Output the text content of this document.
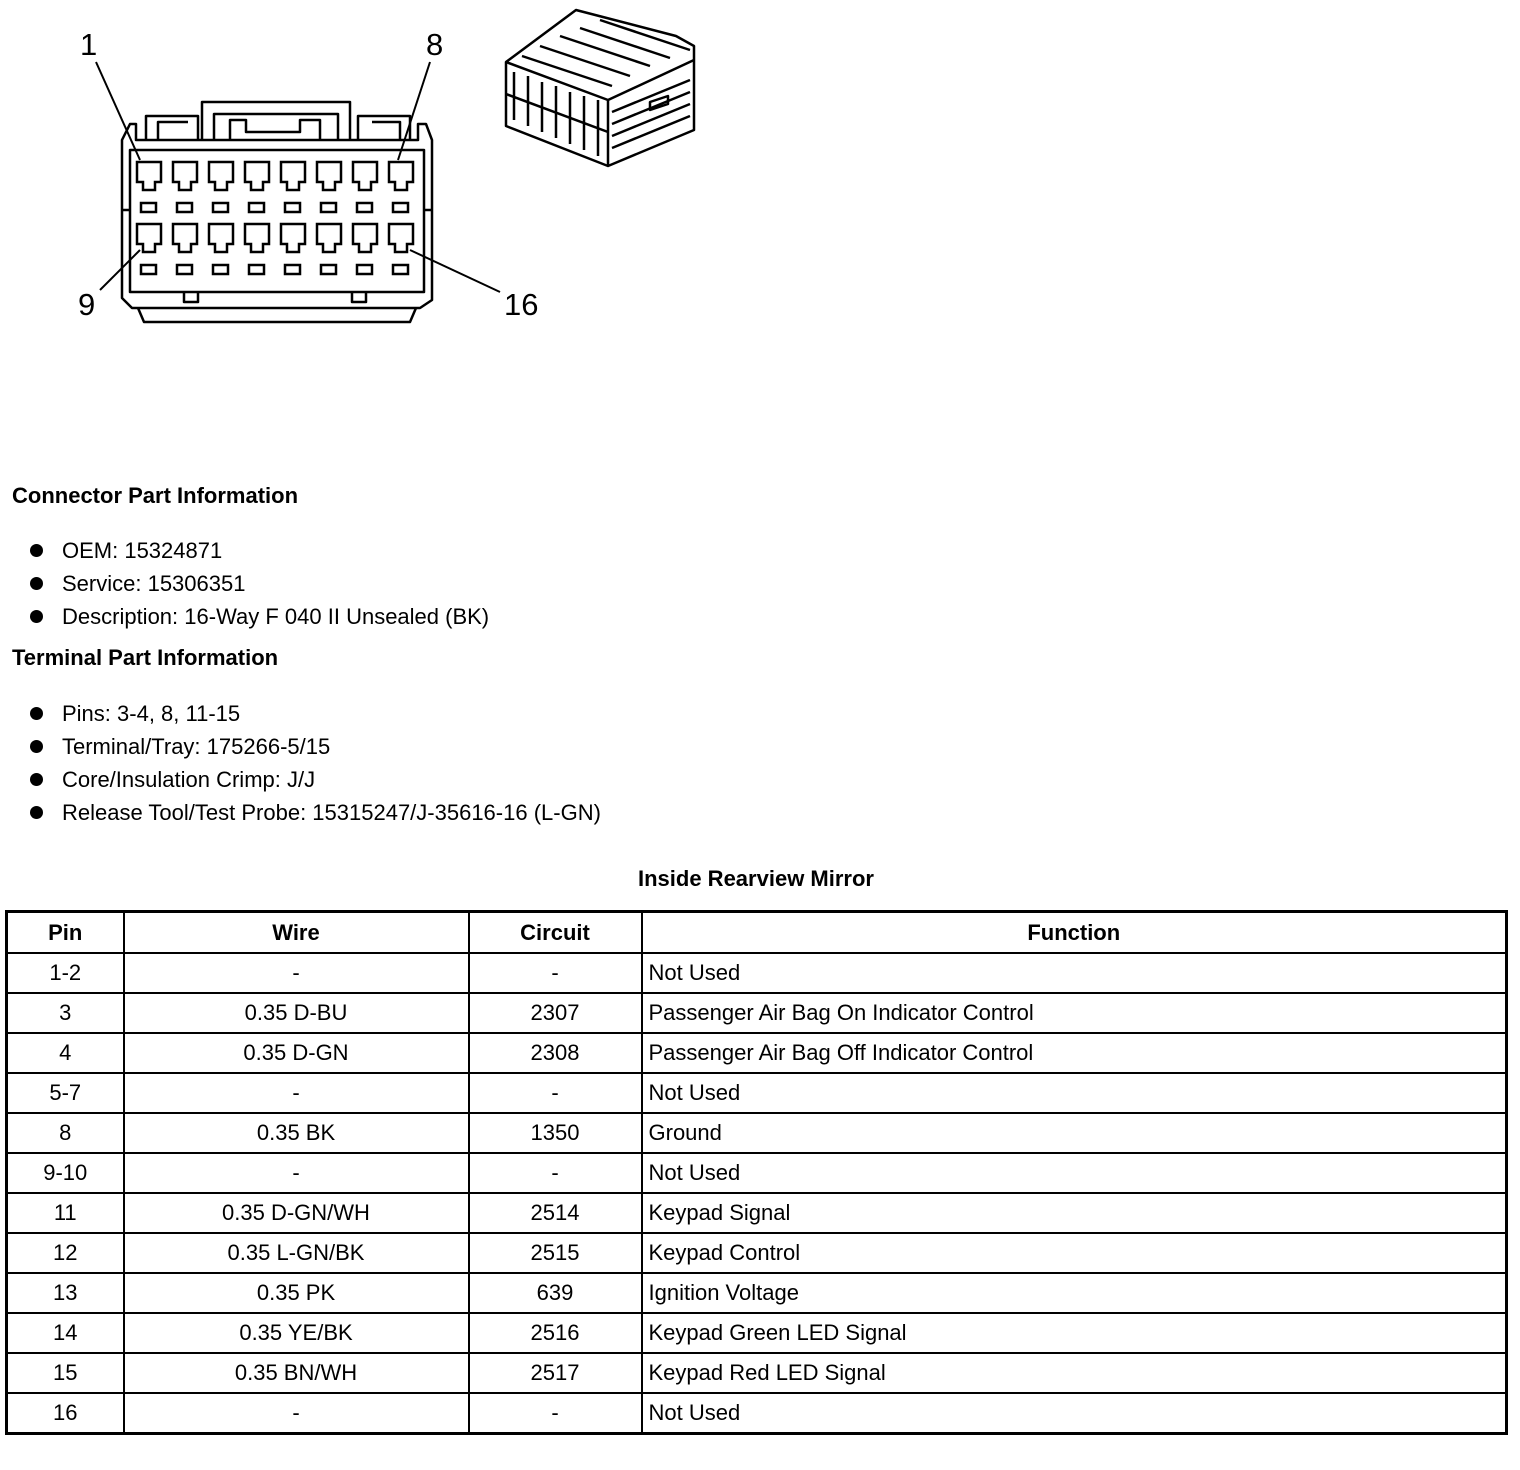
1	8
9	16
Connector Part Information
OEM: 15324871
Service: 15306351
Description: 16-Way F 040 II Unsealed (BK)
Terminal Part Information
Pins: 3-4, 8, 11-15
Terminal/Tray: 175266-5/15
Core/Insulation Crimp: J/J
Release Tool/Test Probe: 15315247/J-35616-16 (L-GN)
Inside Rearview Mirror
Pin	Wire	Circuit	Function
1-2	-	-	Not Used
3	0.35 D-BU	2307	Passenger Air Bag On Indicator Control
4	0.35 D-GN	2308	Passenger Air Bag Off Indicator Control
5-7	-	-	Not Used
8	0.35 BK	1350	Ground
9-10	-	-	Not Used
11	0.35 D-GN/WH	2514	Keypad Signal
12	0.35 L-GN/BK	2515	Keypad Control
13	0.35 PK	639	Ignition Voltage
14	0.35 YE/BK	2516	Keypad Green LED Signal
15	0.35 BN/WH	2517	Keypad Red LED Signal
16	-	-	Not Used
